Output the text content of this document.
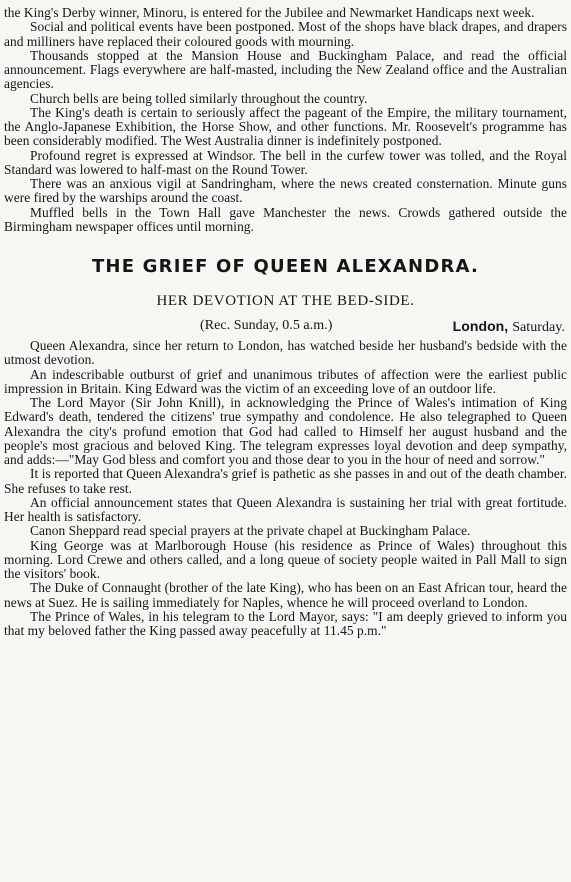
the King's Derby winner, Minoru, is entered for the Jubilee and Newmarket Handicaps next week.

Social and political events have been postponed. Most of the shops have black drapes, and drapers and milliners have replaced their coloured goods with mourning.

Thousands stopped at the Mansion House and Buckingham Palace, and read the official announcement. Flags everywhere are half-masted, including the New Zealand office and the Australian agencies.

Church bells are being tolled similarly throughout the country.

The King's death is certain to seriously affect the pageant of the Empire, the military tournament, the Anglo-Japanese Exhibition, the Horse Show, and other functions. Mr. Roosevelt's programme has been considerably modified. The West Australia dinner is indefinitely postponed.

Profound regret is expressed at Windsor. The bell in the curfew tower was tolled, and the Royal Standard was lowered to half-mast on the Round Tower.

There was an anxious vigil at Sandringham, where the news created consternation. Minute guns were fired by the warships around the coast.

Muffled bells in the Town Hall gave Manchester the news. Crowds gathered outside the Birmingham newspaper offices until morning.

THE GRIEF OF QUEEN ALEXANDRA.
HER DEVOTION AT THE BED-SIDE.
(Rec. Sunday, 0.5 a.m.)	London, Saturday.

Queen Alexandra, since her return to London, has watched beside her husband's bedside with the utmost devotion.

An indescribable outburst of grief and unanimous tributes of affection were the earliest public impression in Britain. King Edward was the victim of an exceeding love of an outdoor life.

The Lord Mayor (Sir John Knill), in acknowledging the Prince of Wales's intimation of King Edward's death, tendered the citizens' true sympathy and condolence. He also telegraphed to Queen Alexandra the city's profund emotion that God had called to Himself her august husband and the people's most gracious and beloved King. The telegram expresses loyal devotion and deep sympathy, and adds:—"May God bless and comfort you and those dear to you in the hour of need and sorrow."

It is reported that Queen Alexandra's grief is pathetic as she passes in and out of the death chamber. She refuses to take rest.

An official announcement states that Queen Alexandra is sustaining her trial with great fortitude. Her health is satisfactory.

Canon Sheppard read special prayers at the private chapel at Buckingham Palace.

King George was at Marlborough House (his residence as Prince of Wales) throughout this morning. Lord Crewe and others called, and a long queue of society people waited in Pall Mall to sign the visitors' book.

The Duke of Connaught (brother of the late King), who has been on an East African tour, heard the news at Suez. He is sailing immediately for Naples, whence he will proceed overland to London.

The Prince of Wales, in his telegram to the Lord Mayor, says: "I am deeply grieved to inform you that my beloved father the King passed away peacefully at 11.45 p.m."
